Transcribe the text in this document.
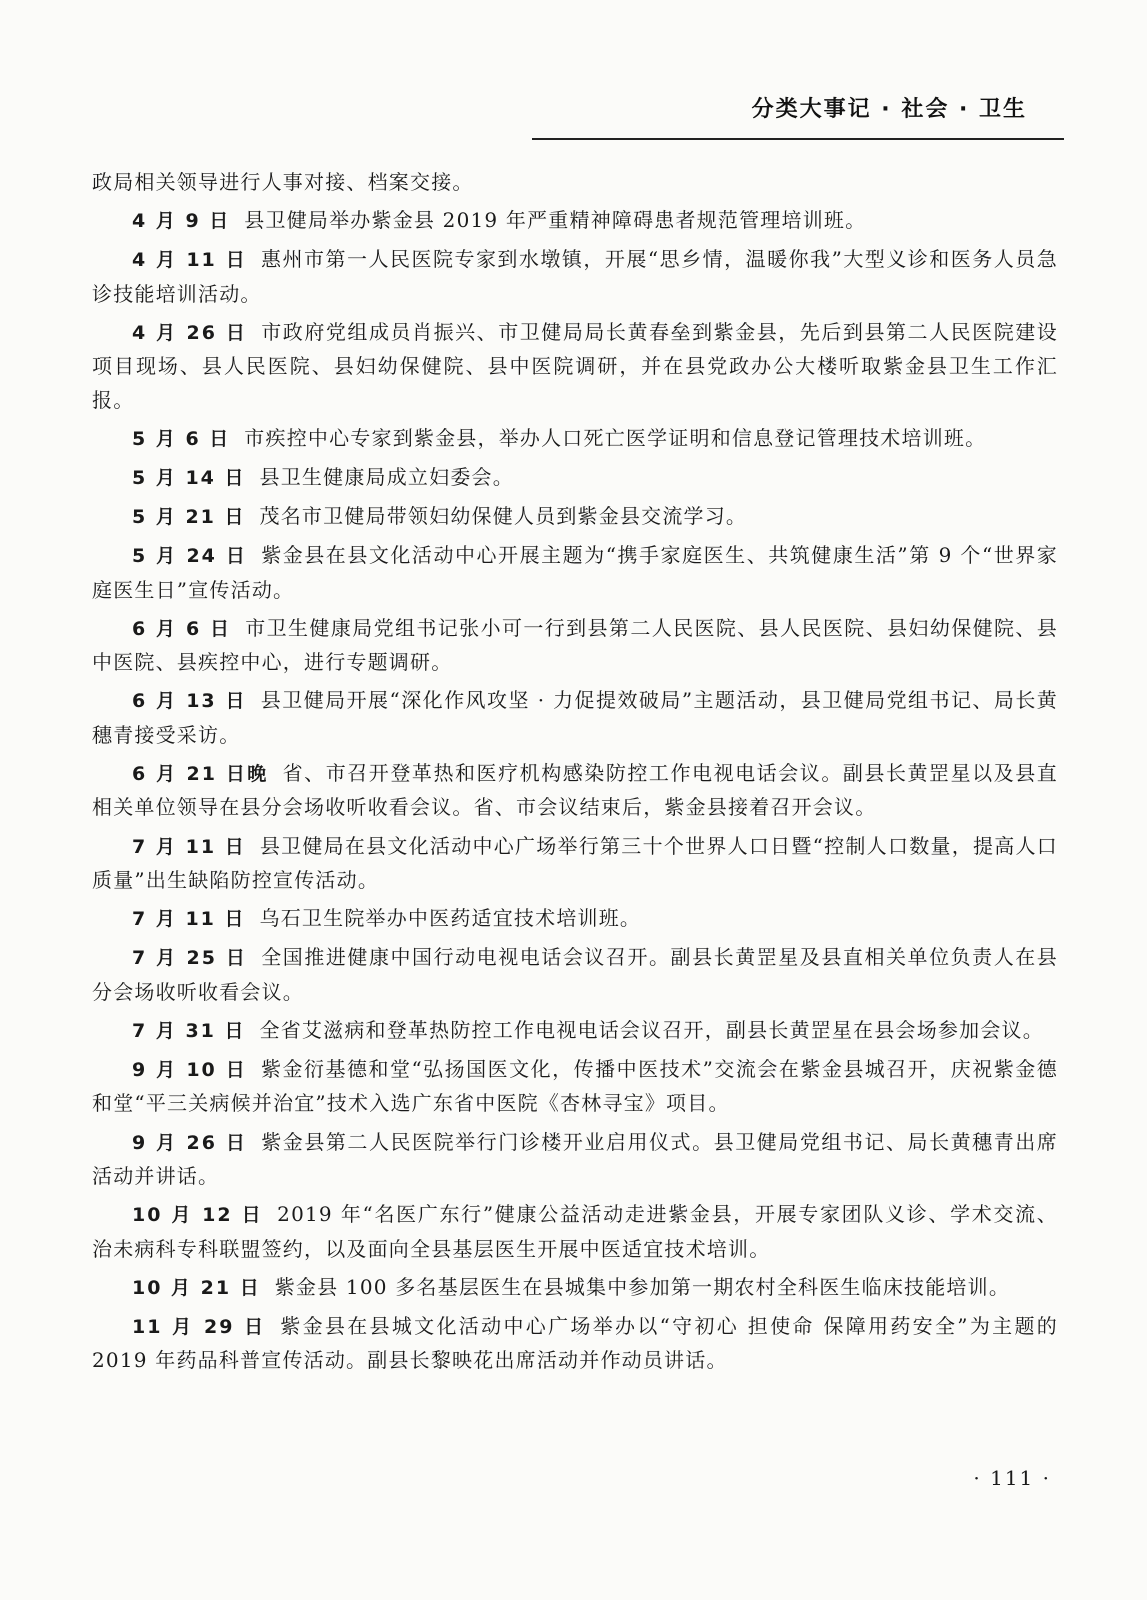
分类大事记 · 社会 · 卫生

政局相关领导进行人事对接、档案交接。

4 月 9 日 县卫健局举办紫金县 2019 年严重精神障碍患者规范管理培训班。

4 月 11 日 惠州市第一人民医院专家到水墩镇，开展“思乡情，温暖你我”大型义诊和医务人员急诊技能培训活动。

4 月 26 日 市政府党组成员肖振兴、市卫健局局长黄春垒到紫金县，先后到县第二人民医院建设项目现场、县人民医院、县妇幼保健院、县中医院调研，并在县党政办公大楼听取紫金县卫生工作汇报。

5 月 6 日 市疾控中心专家到紫金县，举办人口死亡医学证明和信息登记管理技术培训班。

5 月 14 日 县卫生健康局成立妇委会。

5 月 21 日 茂名市卫健局带领妇幼保健人员到紫金县交流学习。

5 月 24 日 紫金县在县文化活动中心开展主题为“携手家庭医生、共筑健康生活”第 9 个“世界家庭医生日”宣传活动。

6 月 6 日 市卫生健康局党组书记张小可一行到县第二人民医院、县人民医院、县妇幼保健院、县中医院、县疾控中心，进行专题调研。

6 月 13 日 县卫健局开展“深化作风攻坚 · 力促提效破局”主题活动，县卫健局党组书记、局长黄穗青接受采访。

6 月 21 日晚 省、市召开登革热和医疗机构感染防控工作电视电话会议。副县长黄罡星以及县直相关单位领导在县分会场收听收看会议。省、市会议结束后，紫金县接着召开会议。

7 月 11 日 县卫健局在县文化活动中心广场举行第三十个世界人口日暨“控制人口数量，提高人口质量”出生缺陷防控宣传活动。

7 月 11 日 乌石卫生院举办中医药适宜技术培训班。

7 月 25 日 全国推进健康中国行动电视电话会议召开。副县长黄罡星及县直相关单位负责人在县分会场收听收看会议。

7 月 31 日 全省艾滋病和登革热防控工作电视电话会议召开，副县长黄罡星在县会场参加会议。

9 月 10 日 紫金衍基德和堂“弘扬国医文化，传播中医技术”交流会在紫金县城召开，庆祝紫金德和堂“平三关病候并治宜”技术入选广东省中医院《杏林寻宝》项目。

9 月 26 日 紫金县第二人民医院举行门诊楼开业启用仪式。县卫健局党组书记、局长黄穗青出席活动并讲话。

10 月 12 日 2019 年“名医广东行”健康公益活动走进紫金县，开展专家团队义诊、学术交流、治未病科专科联盟签约，以及面向全县基层医生开展中医适宜技术培训。

10 月 21 日 紫金县 100 多名基层医生在县城集中参加第一期农村全科医生临床技能培训。

11 月 29 日 紫金县在县城文化活动中心广场举办以“守初心 担使命 保障用药安全”为主题的 2019 年药品科普宣传活动。副县长黎映花出席活动并作动员讲话。

· 111 ·
